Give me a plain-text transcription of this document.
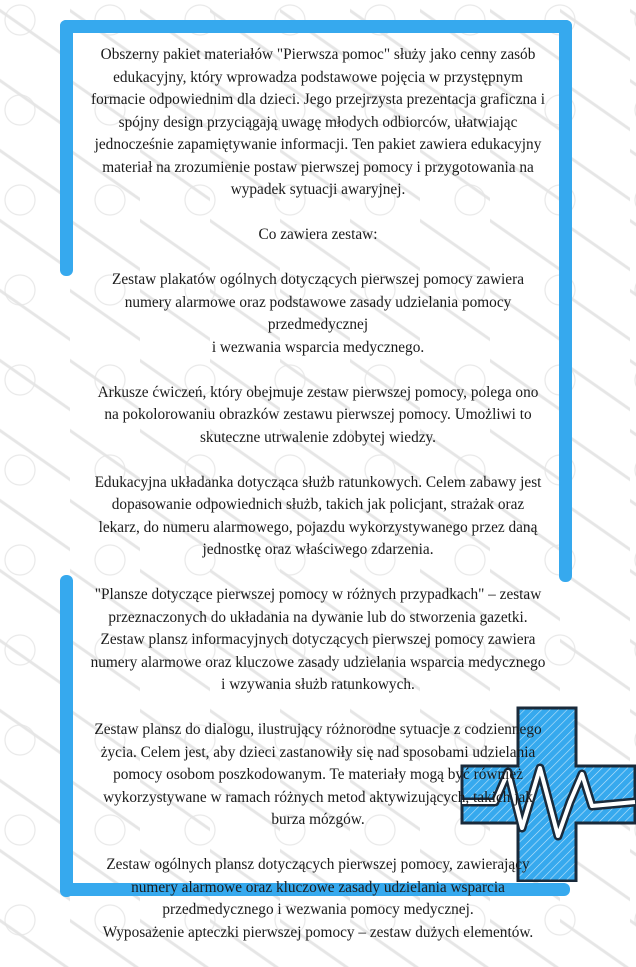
Obszerny pakiet materiałów "Pierwsza pomoc" służy jako cenny zasób
edukacyjny, który wprowadza podstawowe pojęcia w przystępnym
formacie odpowiednim dla dzieci. Jego przejrzysta prezentacja graficzna i
spójny design przyciągają uwagę młodych odbiorców, ułatwiając
jednocześnie zapamiętywanie informacji. Ten pakiet zawiera edukacyjny
materiał na zrozumienie postaw pierwszej pomocy i przygotowania na
wypadek sytuacji awaryjnej.

Co zawiera zestaw:

Zestaw plakatów ogólnych dotyczących pierwszej pomocy zawiera
numery alarmowe oraz podstawowe zasady udzielania pomocy
przedmedycznej
i wezwania wsparcia medycznego.

Arkusze ćwiczeń, który obejmuje zestaw pierwszej pomocy, polega ono
na pokolorowaniu obrazków zestawu pierwszej pomocy. Umożliwi to
skuteczne utrwalenie zdobytej wiedzy.

Edukacyjna układanka dotycząca służb ratunkowych. Celem zabawy jest
dopasowanie odpowiednich służb, takich jak policjant, strażak oraz
lekarz, do numeru alarmowego, pojazdu wykorzystywanego przez daną
jednostkę oraz właściwego zdarzenia.

"Plansze dotyczące pierwszej pomocy w różnych przypadkach" – zestaw
przeznaczonych do układania na dywanie lub do stworzenia gazetki.
Zestaw plansz informacyjnych dotyczących pierwszej pomocy zawiera
numery alarmowe oraz kluczowe zasady udzielania wsparcia medycznego
i wzywania służb ratunkowych.

Zestaw plansz do dialogu, ilustrujący różnorodne sytuacje z codziennego
życia. Celem jest, aby dzieci zastanowiły się nad sposobami udzielania
pomocy osobom poszkodowanym. Te materiały mogą być również
wykorzystywane w ramach różnych metod aktywizujących, takich jak
burza mózgów.

Zestaw ogólnych plansz dotyczących pierwszej pomocy, zawierający
numery alarmowe oraz kluczowe zasady udzielania wsparcia
przedmedycznego i wezwania pomocy medycznej.
Wyposażenie apteczki pierwszej pomocy – zestaw dużych elementów.
